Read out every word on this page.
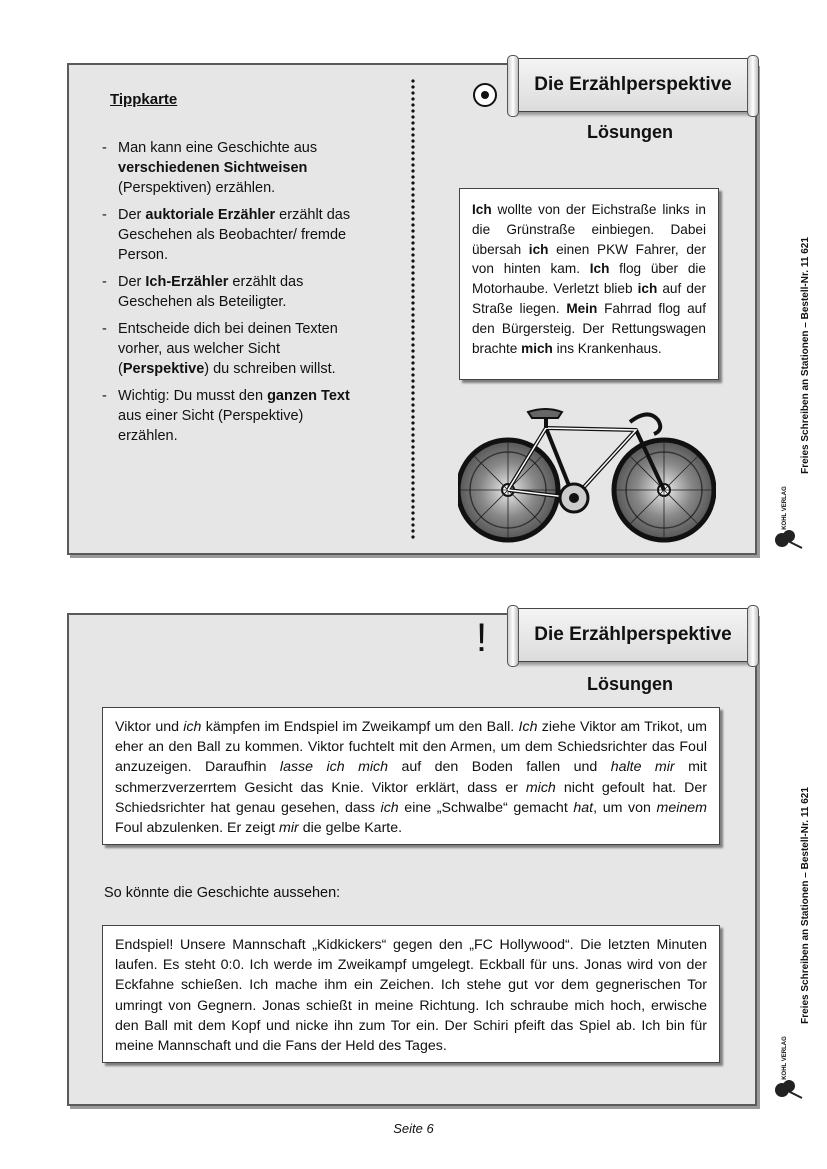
Tippkarte
- Man kann eine Geschichte aus verschiedenen Sichtweisen (Perspektiven) erzählen.
- Der auktoriale Erzähler erzählt das Geschehen als Beobachter/ fremde Person.
- Der Ich-Erzähler erzählt das Geschehen als Beteiligter.
- Entscheide dich bei deinen Texten vorher, aus welcher Sicht (Perspektive) du schreiben willst.
- Wichtig: Du musst den ganzen Text aus einer Sicht (Perspektive) erzählen.
Die Erzählperspektive
Lösungen
Ich wollte von der Eichstraße links in die Grünstraße einbiegen. Dabei übersah ich einen PKW Fahrer, der von hinten kam. Ich flog über die Motorhaube. Verletzt blieb ich auf der Straße liegen. Mein Fahrrad flog auf den Bürgersteig. Der Rettungswagen brachte mich ins Krankenhaus.
! Die Erzählperspektive
Lösungen
Viktor und ich kämpfen im Endspiel im Zweikampf um den Ball. Ich ziehe Viktor am Trikot, um eher an den Ball zu kommen. Viktor fuchtelt mit den Armen, um dem Schiedsrichter das Foul anzuzeigen. Daraufhin lasse ich mich auf den Boden fallen und halte mir mit schmerzverzerrtem Gesicht das Knie. Viktor erklärt, dass er mich nicht gefoult hat. Der Schiedsrichter hat genau gesehen, dass ich eine „Schwalbe“ gemacht hat, um von meinem Foul abzulenken. Er zeigt mir die gelbe Karte.
So könnte die Geschichte aussehen:
Endspiel! Unsere Mannschaft „Kidkickers“ gegen den „FC Hollywood“. Die letzten Minuten laufen. Es steht 0:0. Ich werde im Zweikampf umgelegt. Eckball für uns. Jonas wird von der Eckfahne schießen. Ich mache ihm ein Zeichen. Ich stehe gut vor dem gegnerischen Tor umringt von Gegnern. Jonas schießt in meine Richtung. Ich schraube mich hoch, erwische den Ball mit dem Kopf und nicke ihn zum Tor ein. Der Schiri pfeift das Spiel ab. Ich bin für meine Mannschaft und die Fans der Held des Tages.
Freies Schreiben an Stationen – Bestell-Nr. 11 621
Freies Schreiben an Stationen – Bestell-Nr. 11 621
KOHL VERLAG
KOHL VERLAG
Seite 6
